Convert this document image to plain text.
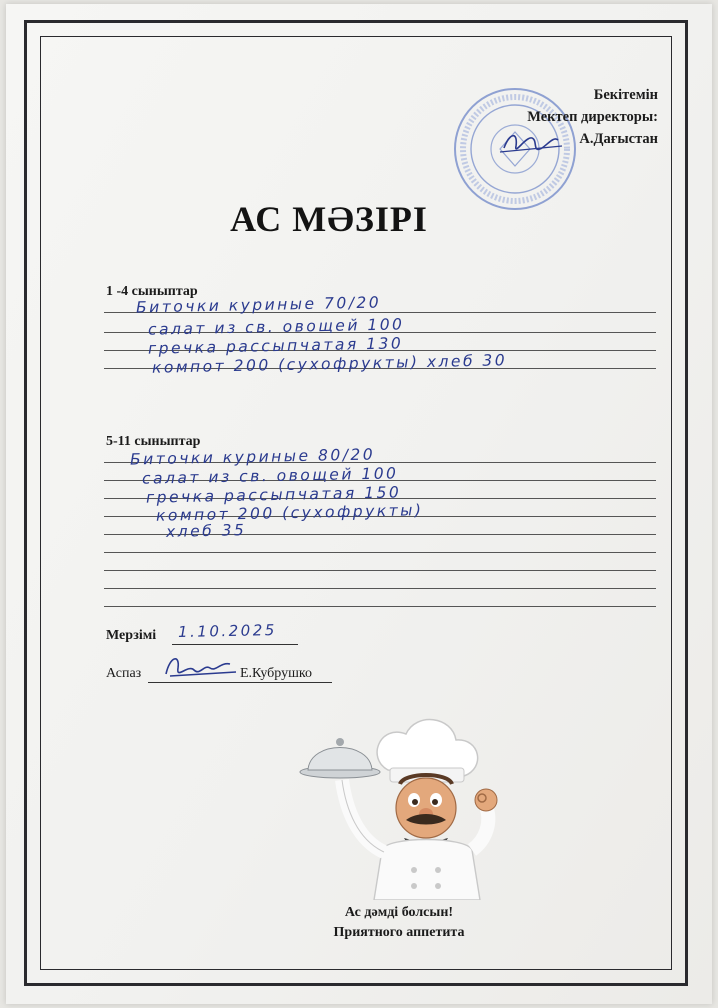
Бекітемін
Мектеп директоры:
А.Дағыстан
АС МӘЗІРІ
1 -4 сыныптар
Биточки куриные 70/20
салат из св. овощей 100
гречка рассыпчатая 130
компот 200 (сухофрукты) хлеб 30
5-11 сыныптар
Биточки куриные 80/20
салат из св. овощей 100
гречка рассыпчатая 150
компот 200 (сухофрукты)
хлеб 35
Мерзімі 1.10.2025
Аспаз	Е.Кубрушко
Ас дәмді болсын!
Приятного аппетита
